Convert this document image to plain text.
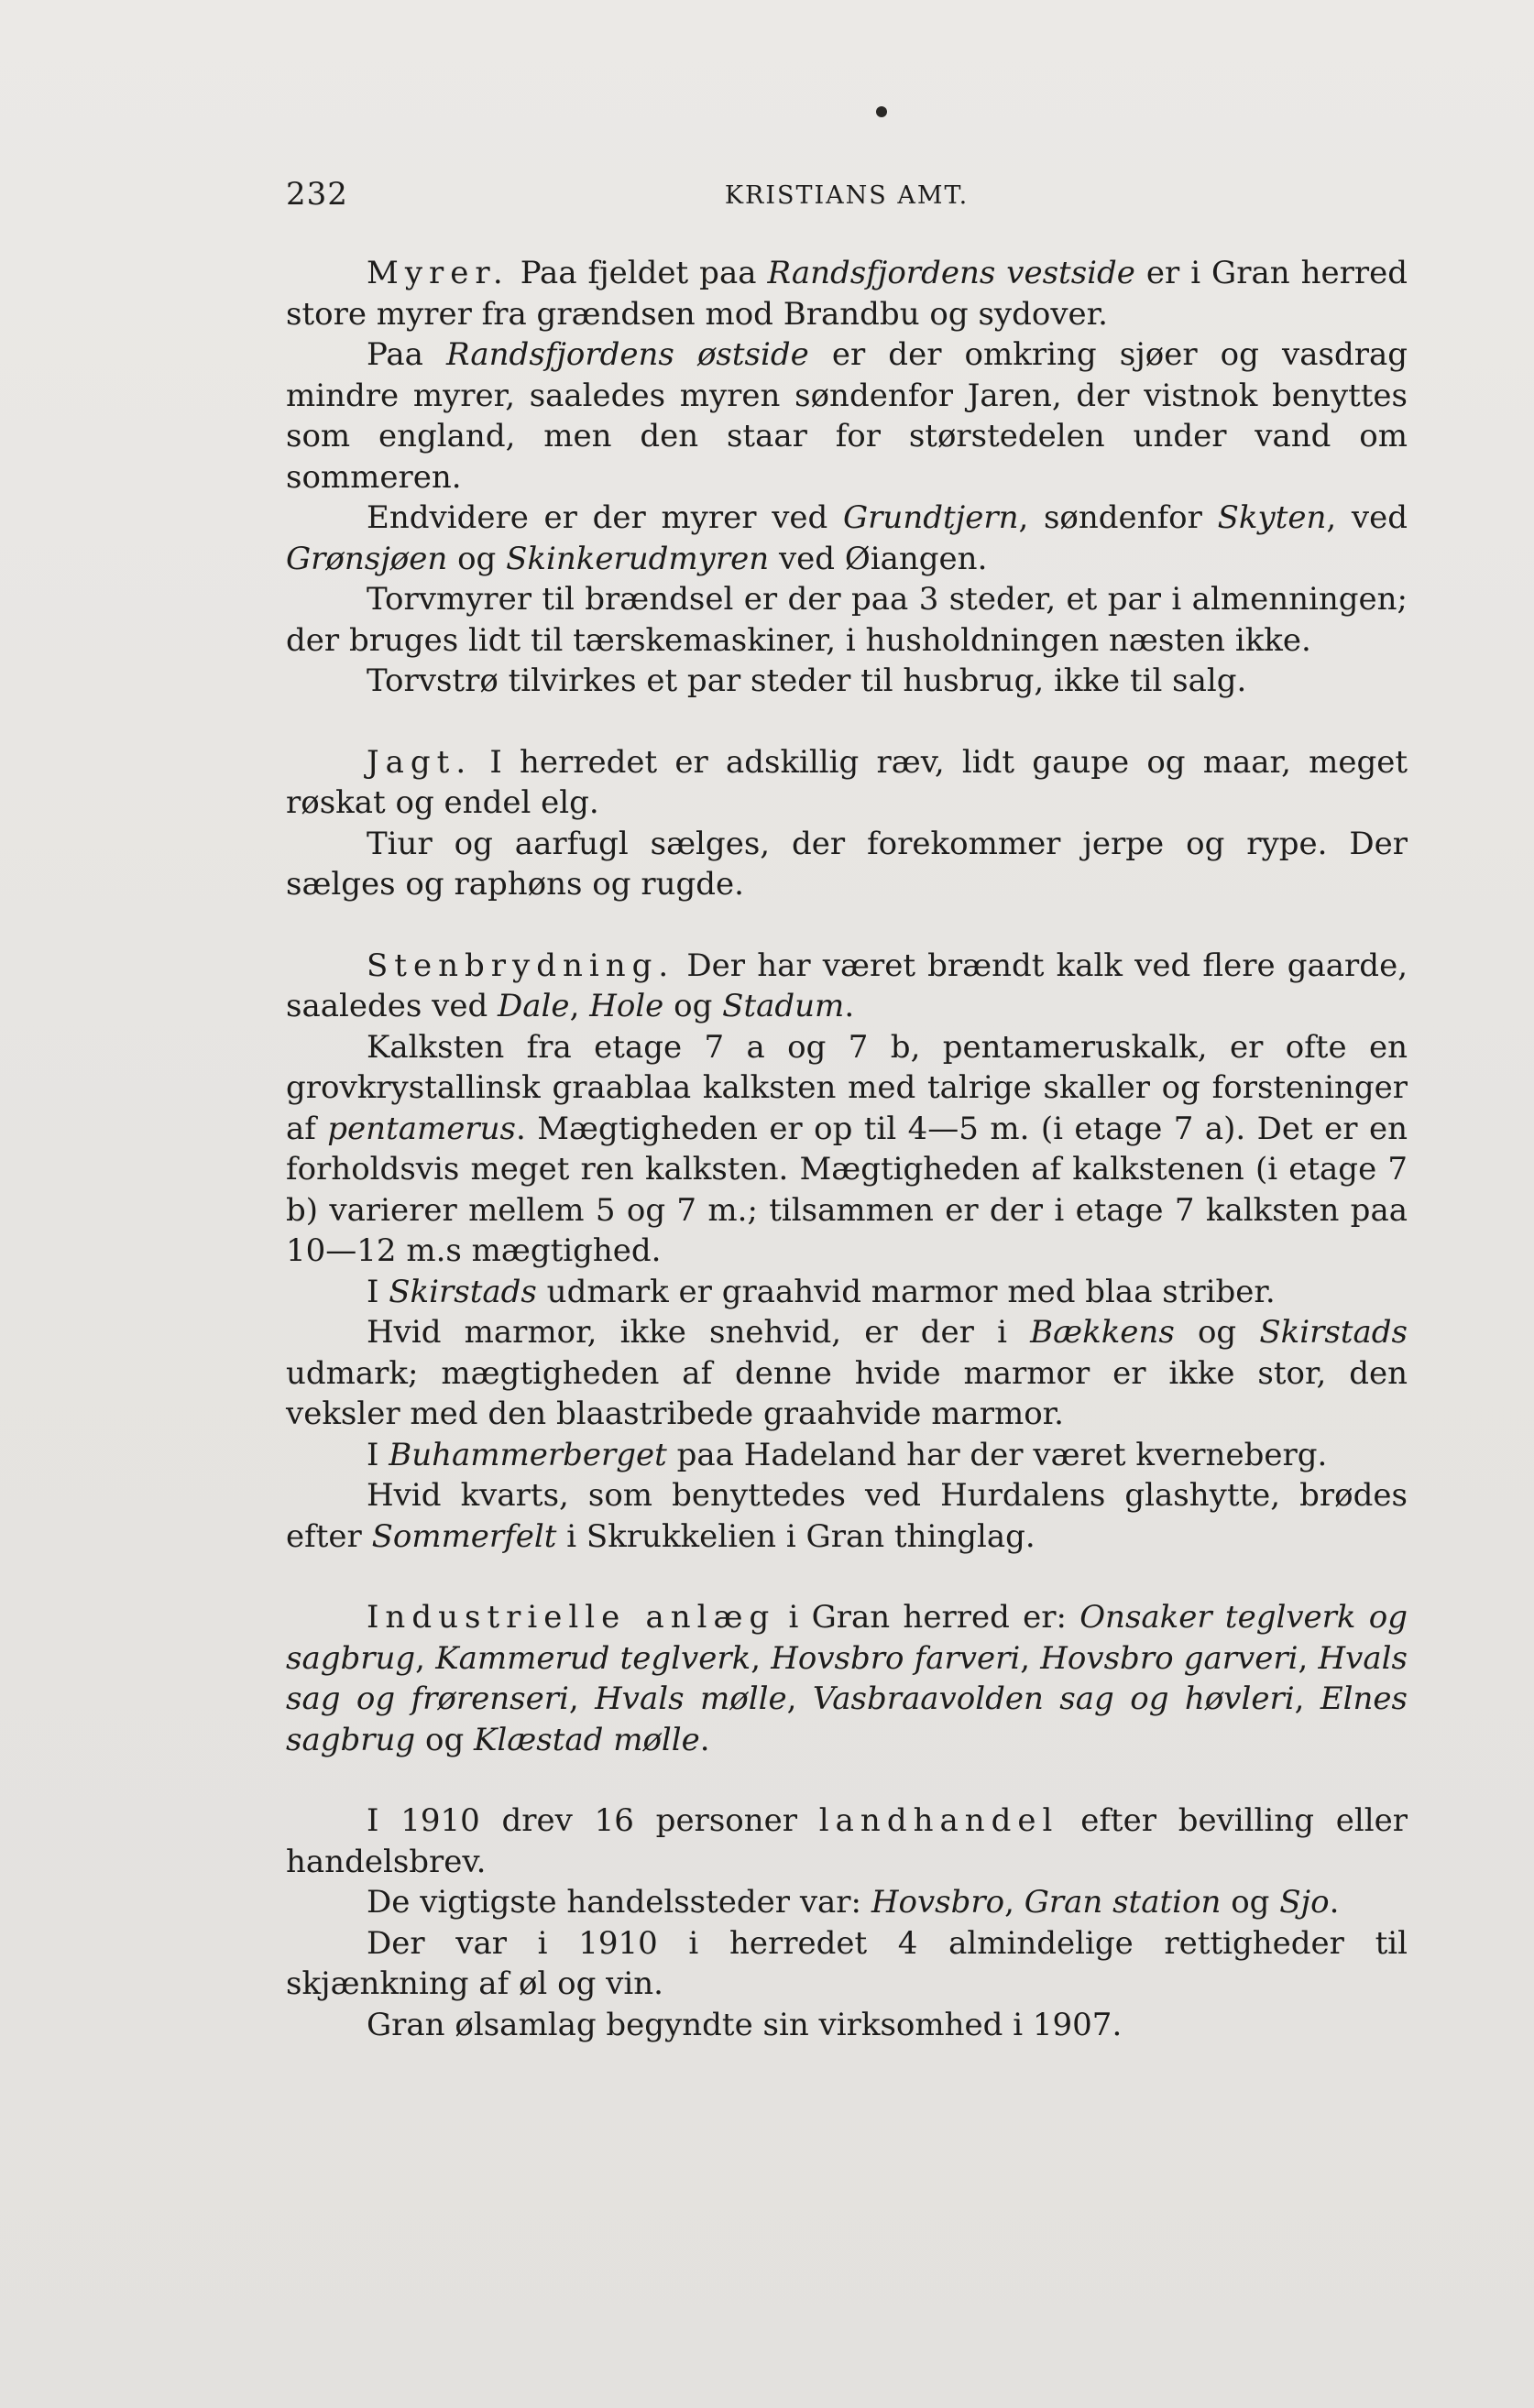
232	KRISTIANS AMT.

Myrer. Paa fjeldet paa Randsfjordens vestside er i Gran herred store myrer fra grændsen mod Brandbu og sydover.

Paa Randsfjordens østside er der omkring sjøer og vasdrag mindre myrer, saaledes myren søndenfor Jaren, der vistnok benyttes som england, men den staar for størstedelen under vand om sommeren.

Endvidere er der myrer ved Grundtjern, søndenfor Skyten, ved Grønsjøen og Skinkerudmyren ved Øiangen.

Torvmyrer til brændsel er der paa 3 steder, et par i almenningen; der bruges lidt til tærskemaskiner, i husholdningen næsten ikke.

Torvstrø tilvirkes et par steder til husbrug, ikke til salg.

Jagt. I herredet er adskillig ræv, lidt gaupe og maar, meget røskat og endel elg.

Tiur og aarfugl sælges, der forekommer jerpe og rype. Der sælges og raphøns og rugde.

Stenbrydning. Der har været brændt kalk ved flere gaarde, saaledes ved Dale, Hole og Stadum.

Kalksten fra etage 7 a og 7 b, pentameruskalk, er ofte en grovkrystallinsk graablaa kalksten med talrige skaller og forsteninger af pentamerus. Mægtigheden er op til 4—5 m. (i etage 7 a). Det er en forholdsvis meget ren kalksten. Mægtigheden af kalkstenen (i etage 7 b) varierer mellem 5 og 7 m.; tilsammen er der i etage 7 kalksten paa 10—12 m.s mægtighed.

I Skirstads udmark er graahvid marmor med blaa striber.

Hvid marmor, ikke snehvid, er der i Bækkens og Skirstads udmark; mægtigheden af denne hvide marmor er ikke stor, den veksler med den blaastribede graahvide marmor.

I Buhammerberget paa Hadeland har der været kverneberg.

Hvid kvarts, som benyttedes ved Hurdalens glashytte, brødes efter Sommerfelt i Skrukkelien i Gran thinglag.

Industrielle anlæg i Gran herred er: Onsaker teglverk og sagbrug, Kammerud teglverk, Hovsbro farveri, Hovsbro garveri, Hvals sag og frørenseri, Hvals mølle, Vasbraavolden sag og høvleri, Elnes sagbrug og Klæstad mølle.

I 1910 drev 16 personer landhandel efter bevilling eller handelsbrev.

De vigtigste handelssteder var: Hovsbro, Gran station og Sjo.

Der var i 1910 i herredet 4 almindelige rettigheder til skjænkning af øl og vin.

Gran ølsamlag begyndte sin virksomhed i 1907.
